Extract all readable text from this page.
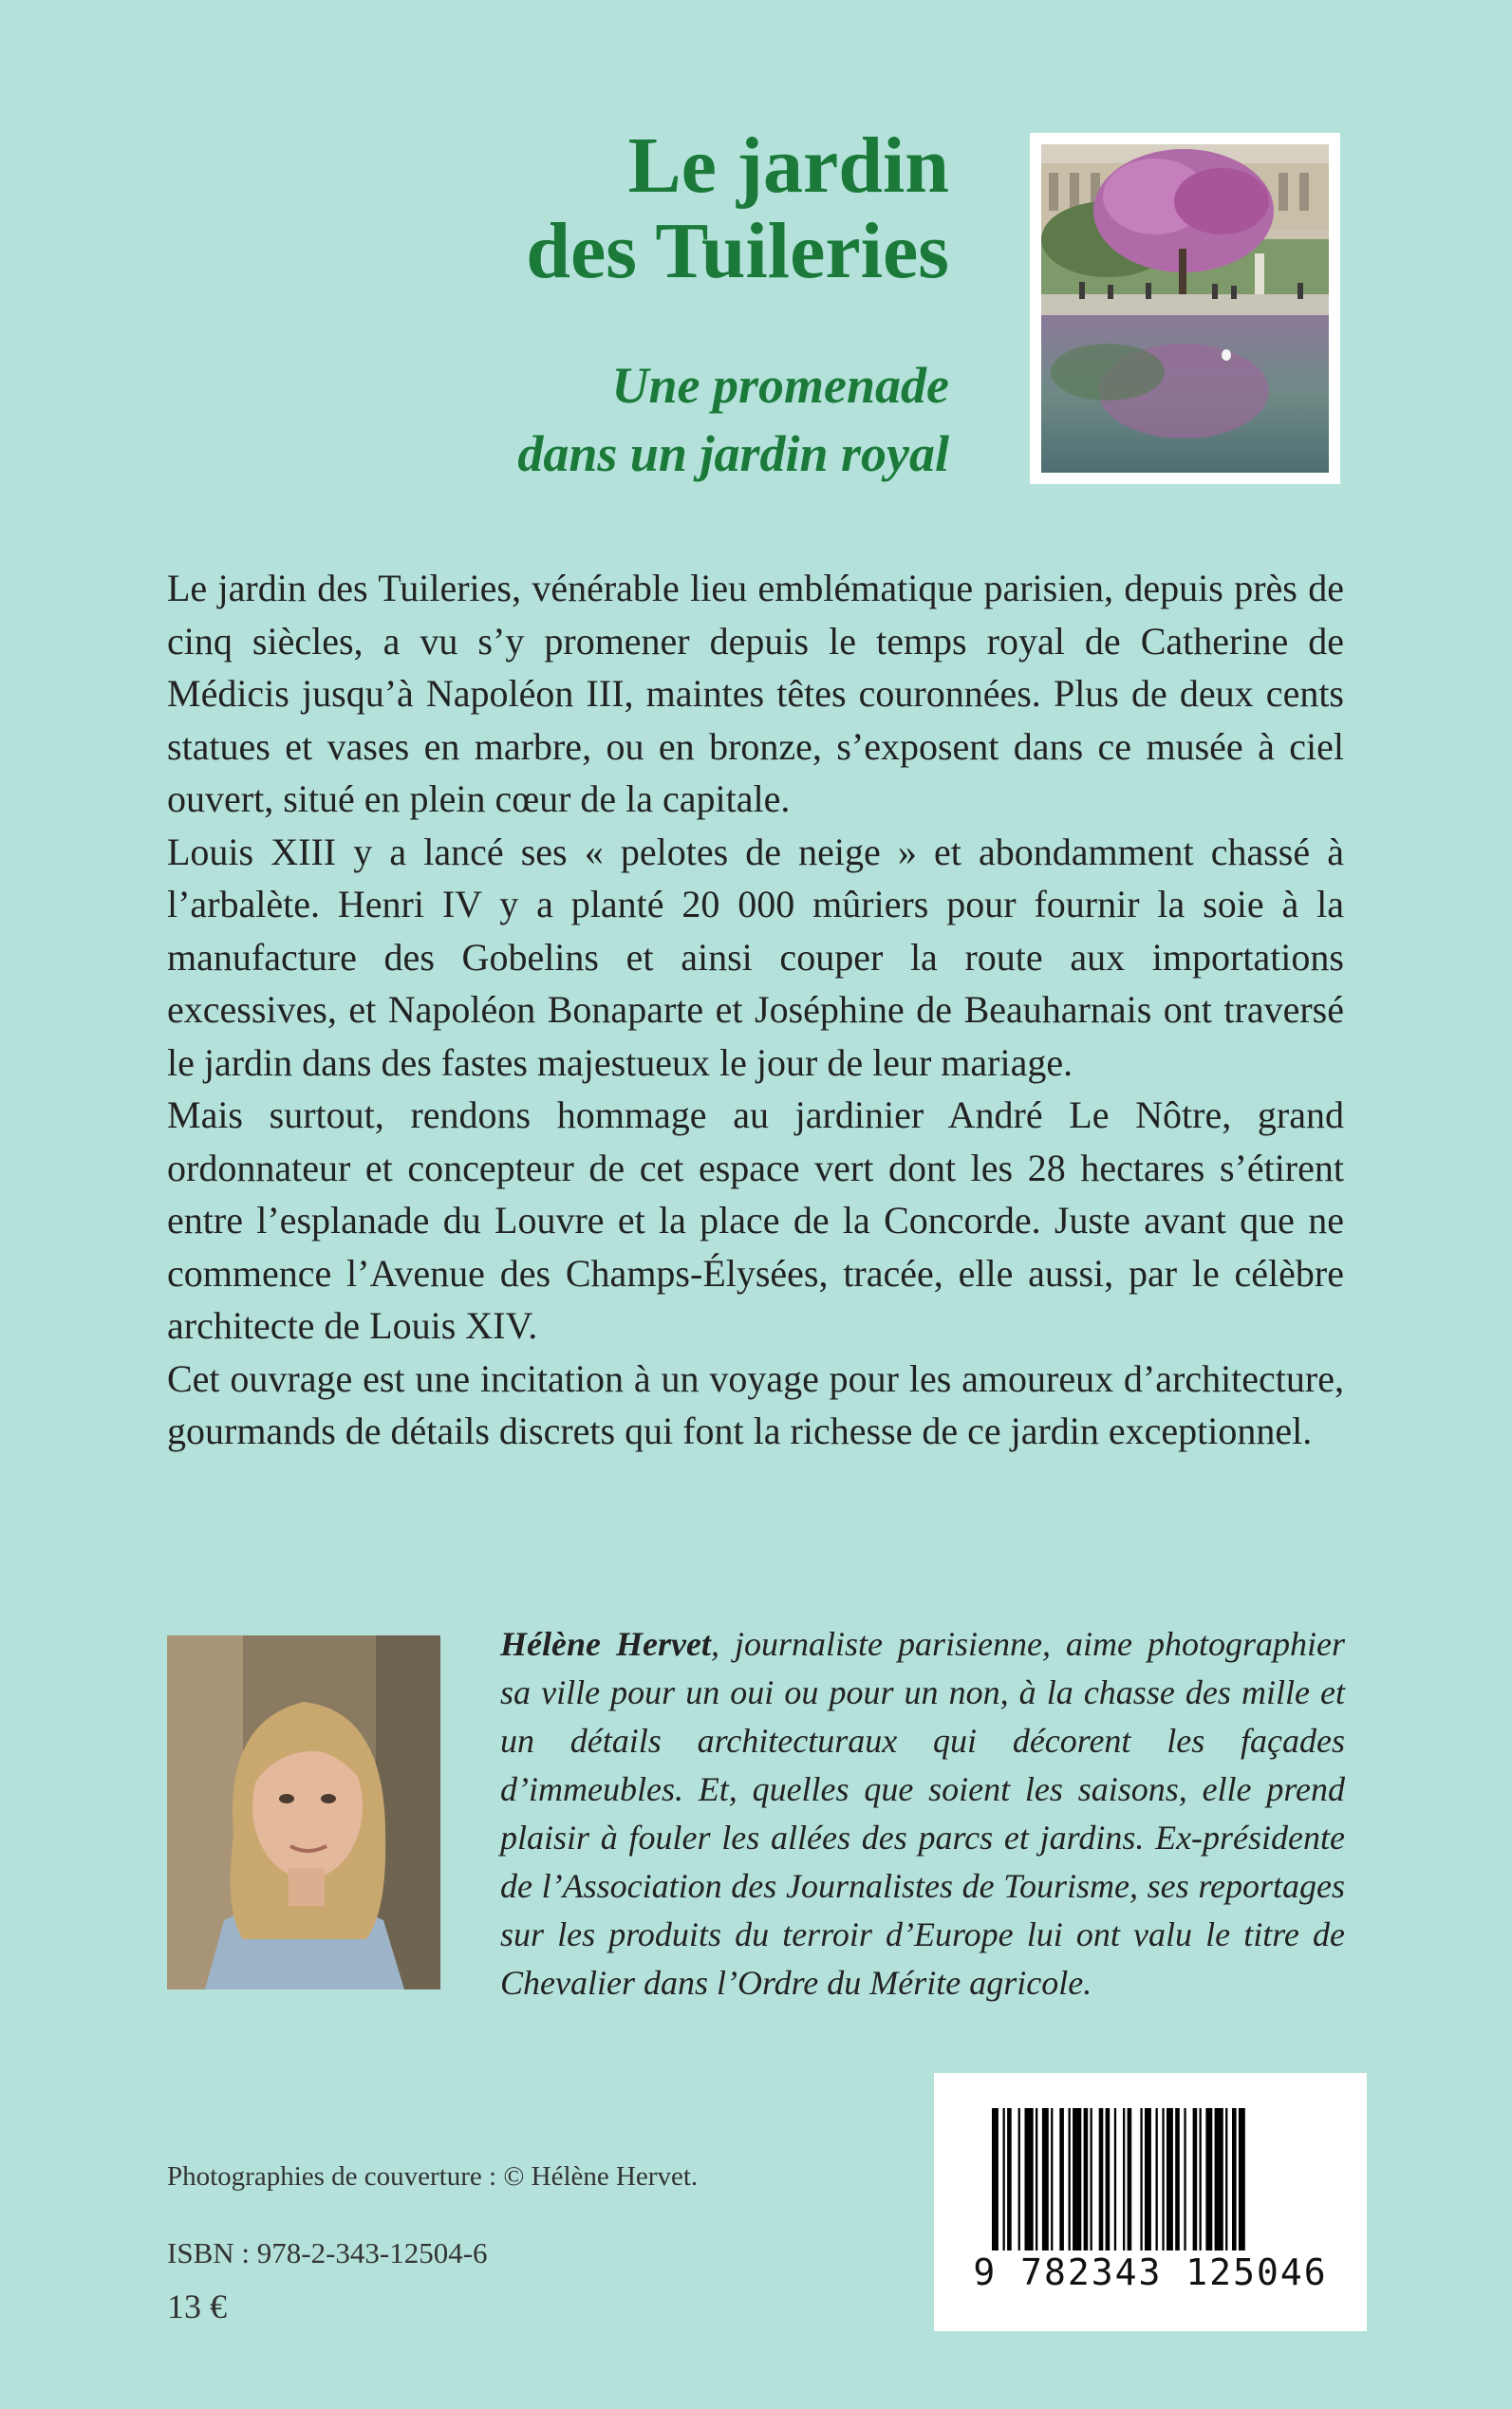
Le jardin
des Tuileries
Une promenade
dans un jardin royal

Le jardin des Tuileries, vénérable lieu emblématique parisien, depuis près de cinq siècles, a vu s’y promener depuis le temps royal de Catherine de Médicis jusqu’à Napoléon III, maintes têtes couronnées. Plus de deux cents statues et vases en marbre, ou en bronze, s’exposent dans ce musée à ciel ouvert, situé en plein cœur de la capitale.

Louis XIII y a lancé ses « pelotes de neige » et abondamment chassé à l’arbalète. Henri IV y a planté 20 000 mûriers pour fournir la soie à la manufacture des Gobelins et ainsi couper la route aux importations excessives, et Napoléon Bonaparte et Joséphine de Beauharnais ont traversé le jardin dans des fastes majestueux le jour de leur mariage.

Mais surtout, rendons hommage au jardinier André Le Nôtre, grand ordonnateur et concepteur de cet espace vert dont les 28 hectares s’étirent entre l’esplanade du Louvre et la place de la Concorde. Juste avant que ne commence l’Avenue des Champs-Élysées, tracée, elle aussi, par le célèbre architecte de Louis XIV.

Cet ouvrage est une incitation à un voyage pour les amoureux d’architecture, gourmands de détails discrets qui font la richesse de ce jardin exceptionnel.

Hélène Hervet, journaliste parisienne, aime photographier sa ville pour un oui ou pour un non, à la chasse des mille et un détails architecturaux qui décorent les façades d’immeubles. Et, quelles que soient les saisons, elle prend plaisir à fouler les allées des parcs et jardins. Ex-présidente de l’Association des Journalistes de Tourisme, ses reportages sur les produits du terroir d’Europe lui ont valu le titre de Chevalier dans l’Ordre du Mérite agricole.
Photographies de couverture : © Hélène Hervet.
ISBN : 978-2-343-12504-6
13 €
9 782343 125046
